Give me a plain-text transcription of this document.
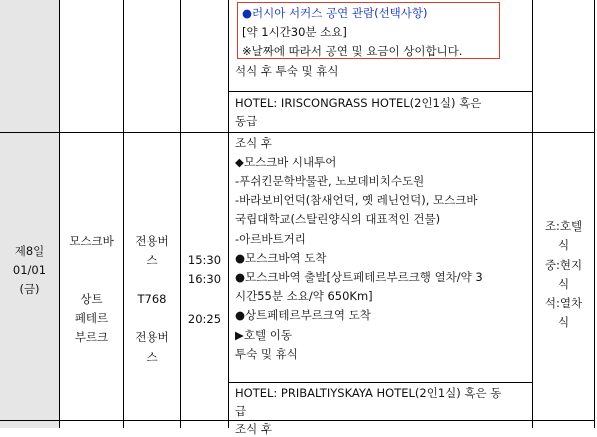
●러시아 서커스 공연 관람(선택사항)
[약 1시간30분 소요]
※날짜에 따라서 공연 및 요금이 상이합니다.
석식 후 투숙 및 휴식
HOTEL: IRISCONGRASS HOTEL(2인1실) 혹은
동급
제8일
01/01
(금)
모스크바
상트
페테르
부르크
전용버
스
T768
전용버
스
15:30
16:30
20:25
조식 후
◆모스크바 시내투어
-푸쉬킨문학박물관, 노보데비치수도원
-바라보비언덕(참새언덕, 옛 레닌언덕), 모스크바
국립대학교(스탈린양식의 대표적인 건물)
-아르바트거리
●모스크바역 도착
●모스크바역 출발[상트페테르부르크행 열차/약 3
시간55분 소요/약 650Km]
●상트페테르부르크역 도착
▶호텔 이동
투숙 및 휴식
HOTEL: PRIBALTIYSKAYA HOTEL(2인1실) 혹은 동
급
조:호텔
식
중:현지
식
석:열차
식
조식 후
